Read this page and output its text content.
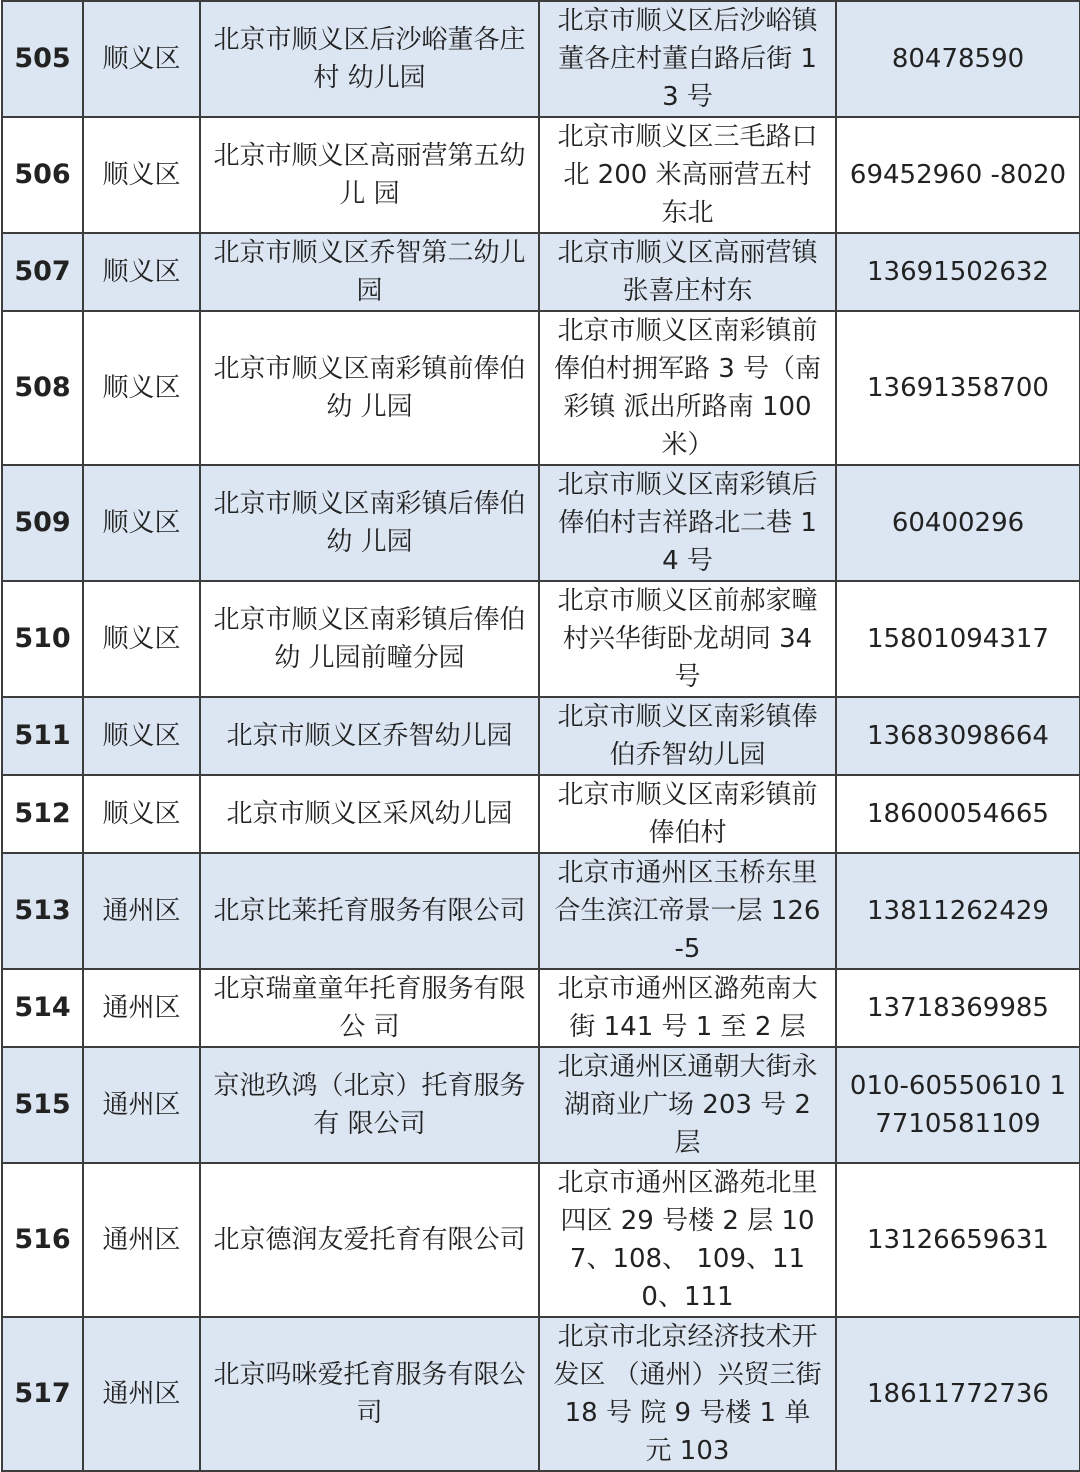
505	顺义区	北京市顺义区后沙峪董各庄村 幼儿园	北京市顺义区后沙峪镇董各庄村董白路后街 13 号	80478590
506	顺义区	北京市顺义区高丽营第五幼儿 园	北京市顺义区三毛路口北 200 米高丽营五村东北	69452960 -8020
507	顺义区	北京市顺义区乔智第二幼儿园	北京市顺义区高丽营镇张喜庄村东	13691502632
508	顺义区	北京市顺义区南彩镇前俸伯幼 儿园	北京市顺义区南彩镇前俸伯村拥军路 3 号（南彩镇 派出所路南 100 米）	13691358700
509	顺义区	北京市顺义区南彩镇后俸伯幼 儿园	北京市顺义区南彩镇后俸伯村吉祥路北二巷 14 号	60400296
510	顺义区	北京市顺义区南彩镇后俸伯幼 儿园前疃分园	北京市顺义区前郝家疃村兴华街卧龙胡同 34 号	15801094317
511	顺义区	北京市顺义区乔智幼儿园	北京市顺义区南彩镇俸伯乔智幼儿园	13683098664
512	顺义区	北京市顺义区采风幼儿园	北京市顺义区南彩镇前俸伯村	18600054665
513	通州区	北京比莱托育服务有限公司	北京市通州区玉桥东里合生滨江帝景一层 126-5	13811262429
514	通州区	北京瑞童童年托育服务有限公 司	北京市通州区潞苑南大街 141 号 1 至 2 层	13718369985
515	通州区	京池玖鸿（北京）托育服务有 限公司	北京通州区通朝大街永湖商业广场 203 号 2 层	010-60550610 17710581109
516	通州区	北京德润友爱托育有限公司	北京市通州区潞苑北里四区 29 号楼 2 层 107、108、 109、110、111	13126659631
517	通州区	北京吗咪爱托育服务有限公司	北京市北京经济技术开发区 （通州）兴贸三街 18 号 院 9 号楼 1 单元 103	18611772736
